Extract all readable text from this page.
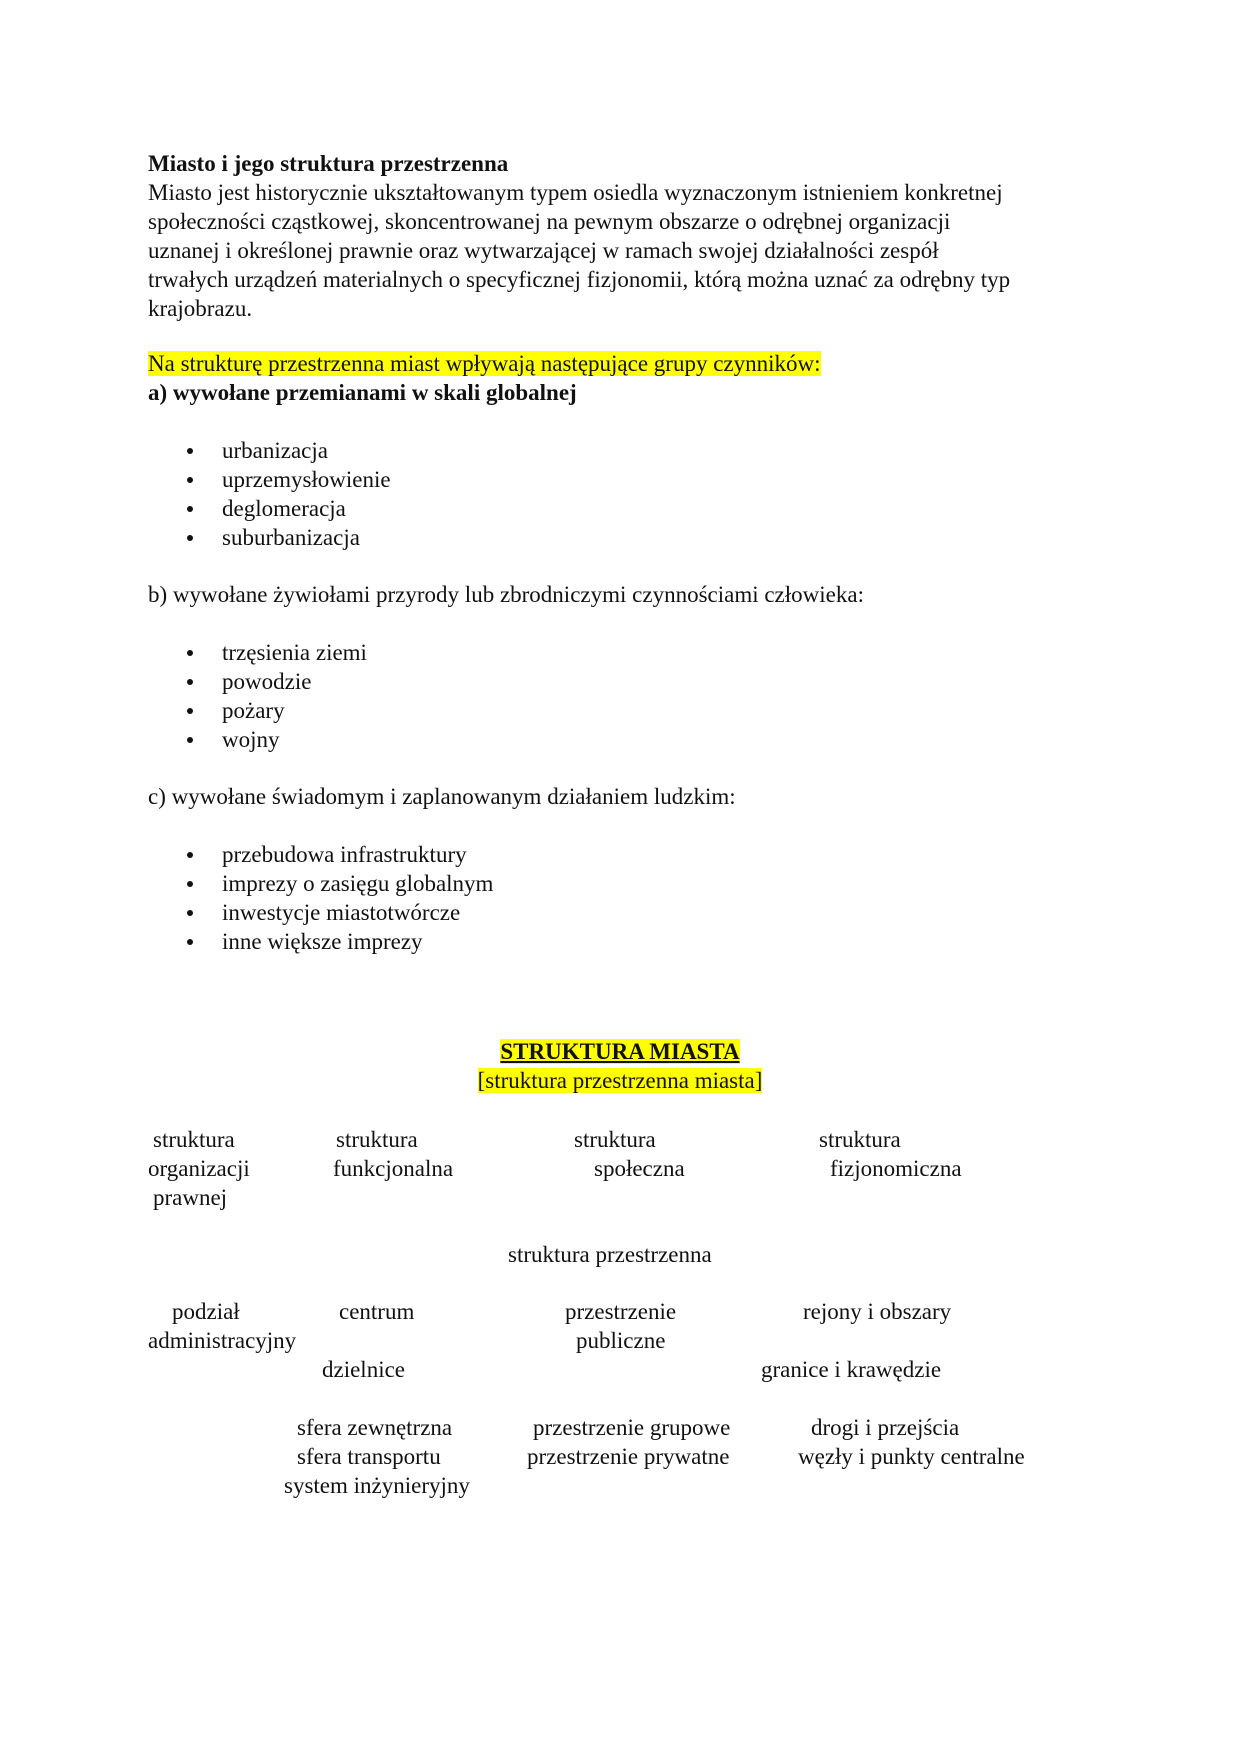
Miasto i jego struktura przestrzenna

Miasto jest historycznie ukształtowanym typem osiedla wyznaczonym istnieniem konkretnej
społeczności cząstkowej, skoncentrowanej na pewnym obszarze o odrębnej organizacji
uznanej i określonej prawnie oraz wytwarzającej w ramach swojej działalności zespół
trwałych urządzeń materialnych o specyficznej fizjonomii, którą można uznać za odrębny typ
krajobrazu.

Na strukturę przestrzenna miast wpływają następujące grupy czynników:

a) wywołane przemianami w skali globalnej

urbanizacja
uprzemysłowienie
deglomeracja
suburbanizacja

b) wywołane żywiołami przyrody lub zbrodniczymi czynnościami człowieka:

trzęsienia ziemi
powodzie
pożary
wojny

c) wywołane świadomym i zaplanowanym działaniem ludzkim:

przebudowa infrastruktury
imprezy o zasięgu globalnym
inwestycje miastotwórcze
inne większe imprezy
STRUKTURA MIASTA
[struktura przestrzenna miasta]
struktura
organizacji
prawnej
struktura
funkcjonalna
struktura
społeczna
struktura
fizjonomiczna
struktura przestrzenna
podział
administracyjny
centrum
dzielnice
przestrzenie
publiczne
rejony i obszary
granice i krawędzie
sfera zewnętrzna
sfera transportu
system inżynieryjny
przestrzenie grupowe
przestrzenie prywatne
drogi i przejścia
węzły i punkty centralne
